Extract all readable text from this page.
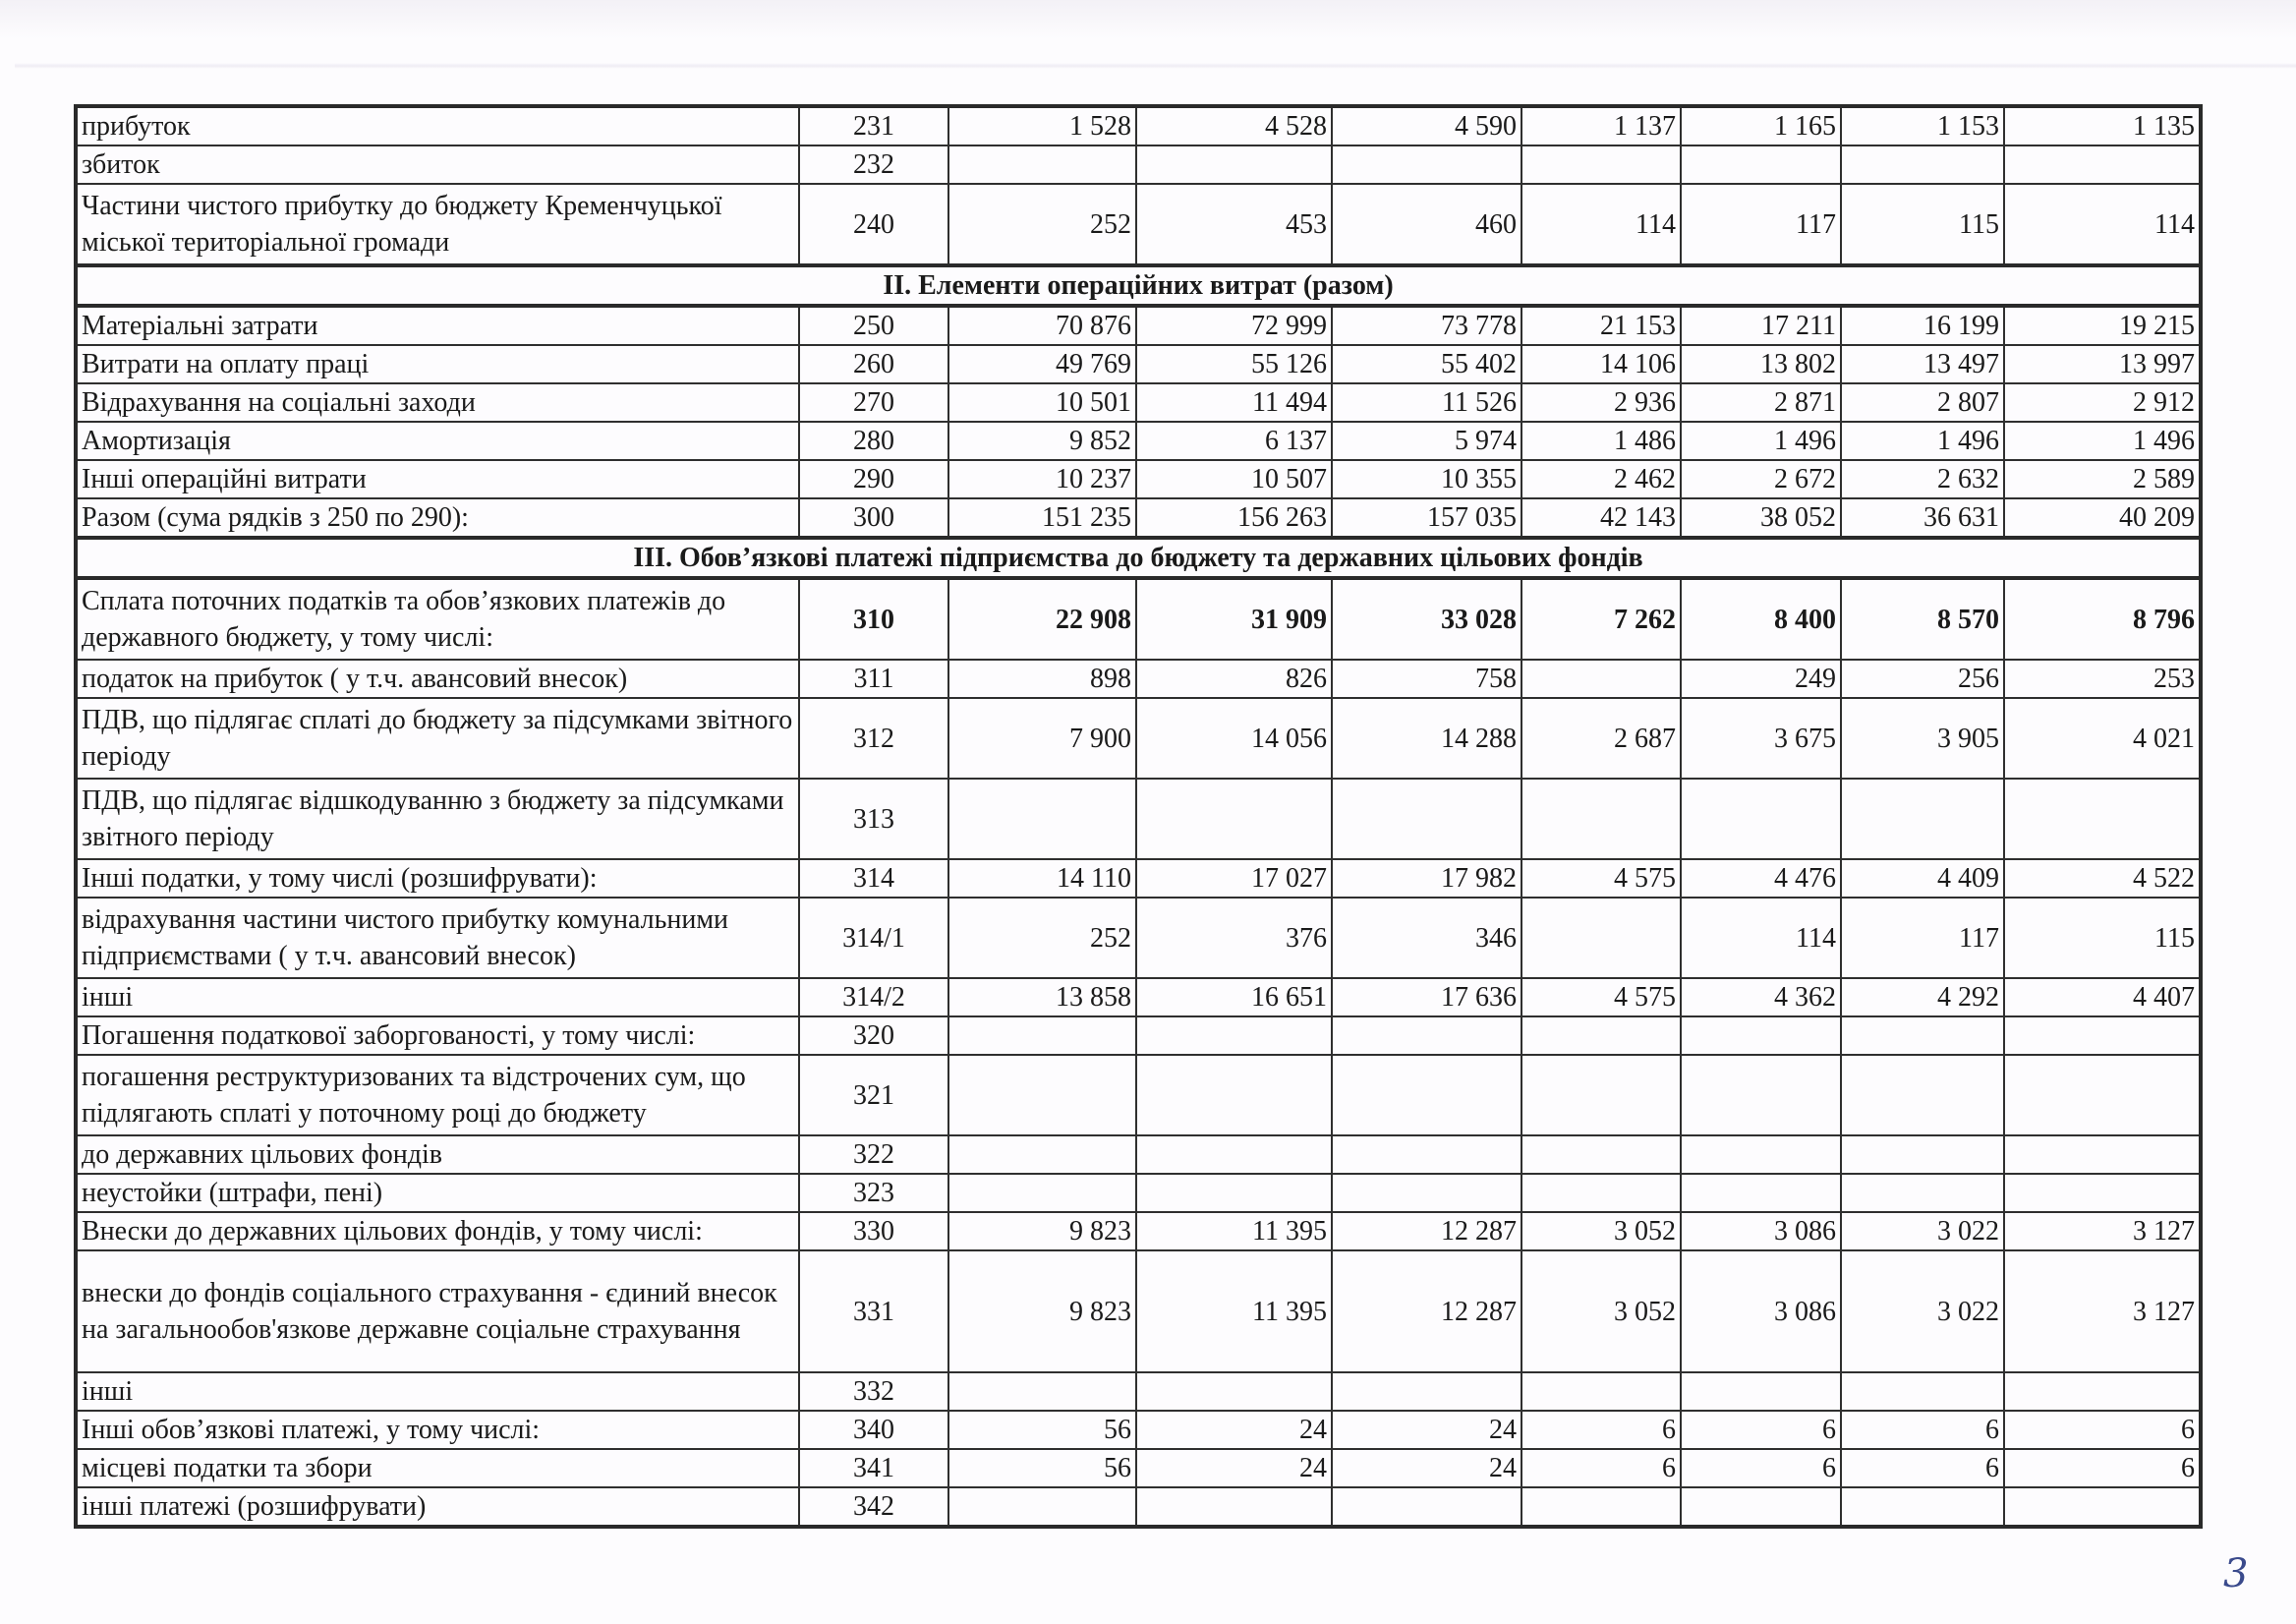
прибуток	231	1 528	4 528	4 590	1 137	1 165	1 153	1 135
збиток	232							
Частини чистого прибутку до бюджету Кременчуцької міської територіальної громади	240	252	453	460	114	117	115	114
II. Елементи операційних витрат (разом)								
Матеріальні затрати	250	70 876	72 999	73 778	21 153	17 211	16 199	19 215
Витрати на оплату праці	260	49 769	55 126	55 402	14 106	13 802	13 497	13 997
Відрахування на соціальні заходи	270	10 501	11 494	11 526	2 936	2 871	2 807	2 912
Амортизація	280	9 852	6 137	5 974	1 486	1 496	1 496	1 496
Інші операційні витрати	290	10 237	10 507	10 355	2 462	2 672	2 632	2 589
Разом (сума рядків з 250 по 290):	300	151 235	156 263	157 035	42 143	38 052	36 631	40 209
III. Обов’язкові платежі підприємства до бюджету та державних цільових фондів								
Сплата поточних податків та обов’язкових платежів до державного бюджету, у тому числі:	310	22 908	31 909	33 028	7 262	8 400	8 570	8 796
податок на прибуток ( у т.ч. авансовий внесок)	311	898	826	758		249	256	253
ПДВ, що підлягає сплаті до бюджету за підсумками звітного періоду	312	7 900	14 056	14 288	2 687	3 675	3 905	4 021
ПДВ, що підлягає відшкодуванню з бюджету за підсумками звітного періоду	313							
Інші податки, у тому числі (розшифрувати):	314	14 110	17 027	17 982	4 575	4 476	4 409	4 522
відрахування частини чистого прибутку комунальними підприємствами ( у т.ч. авансовий внесок)	314/1	252	376	346		114	117	115
інші	314/2	13 858	16 651	17 636	4 575	4 362	4 292	4 407
Погашення податкової заборгованості, у тому числі:	320							
погашення реструктуризованих та відстрочених сум, що підлягають сплаті у поточному році до бюджету	321							
до державних цільових фондів	322							
неустойки (штрафи, пені)	323							
Внески до державних цільових фондів, у тому числі:	330	9 823	11 395	12 287	3 052	3 086	3 022	3 127
внески до фондів соціального страхування - єдиний внесок на загальнообов'язкове державне соціальне страхування	331	9 823	11 395	12 287	3 052	3 086	3 022	3 127
інші	332							
Інші обов’язкові платежі, у тому числі:	340	56	24	24	6	6	6	6
місцеві податки та збори	341	56	24	24	6	6	6	6
інші платежі (розшифрувати)	342							
3
